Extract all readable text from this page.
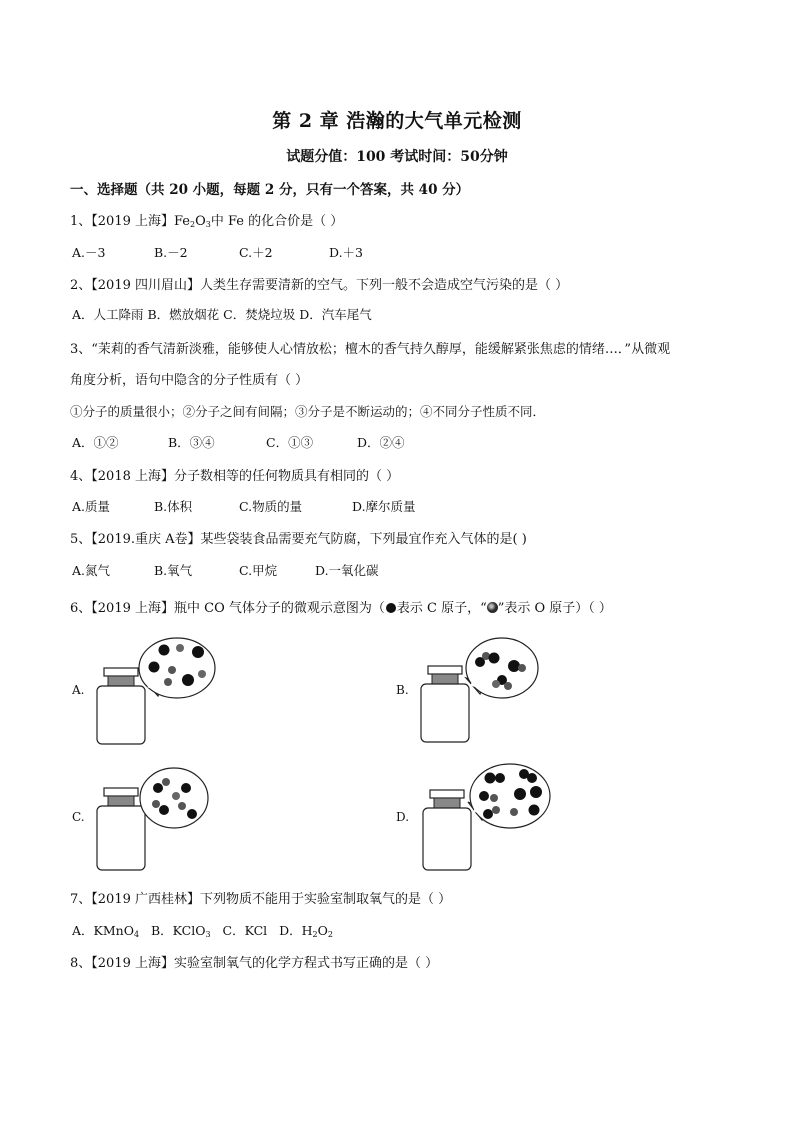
第 2 章 浩瀚的大气单元检测
试题分值：100 考试时间：50分钟
一、选择题（共 20 小题，每题 2 分，只有一个答案，共 40 分）
1、【2019 上海】$Fe_2O_3$中 Fe 的化合价是（ ）
A.－3	B.－2	C.＋2	D.＋3
2、【2019 四川眉山】人类生存需要清新的空气。下列一般不会造成空气污染的是（ ）
A．人工降雨 B．燃放烟花 C．焚烧垃圾 D．汽车尾气
3、“茉莉的香气清新淡雅，能够使人心情放松；檀木的香气持久醇厚，能缓解紧张焦虑的情绪…．”从微观
角度分析，语句中隐含的分子性质有（ ）
①分子的质量很小；②分子之间有间隔；③分子是不断运动的；④不同分子性质不同．
A．①②	B．③④	C．①③	D．②④
4、【2018 上海】分子数相等的任何物质具有相同的（ ）
A.质量	B.体积	C.物质的量	D.摩尔质量
5、【2019.重庆 A卷】某些袋装食品需要充气防腐，下列最宜作充入气体的是( )
A.氮气	B.氧气	C.甲烷	D.一氧化碳
6、【2019 上海】瓶中 CO 气体分子的微观示意图为（ 表示 C 原子，“ ”表示 O 原子）（ ）
A.	B.
C.	D.
7、【2019 广西桂林】下列物质不能用于实验室制取氧气的是（ ）
A．KMnO$_4$ B．KClO$_3$ C．KCl D．$H_2O_2$
8、【2019 上海】实验室制氧气的化学方程式书写正确的是（ ）
